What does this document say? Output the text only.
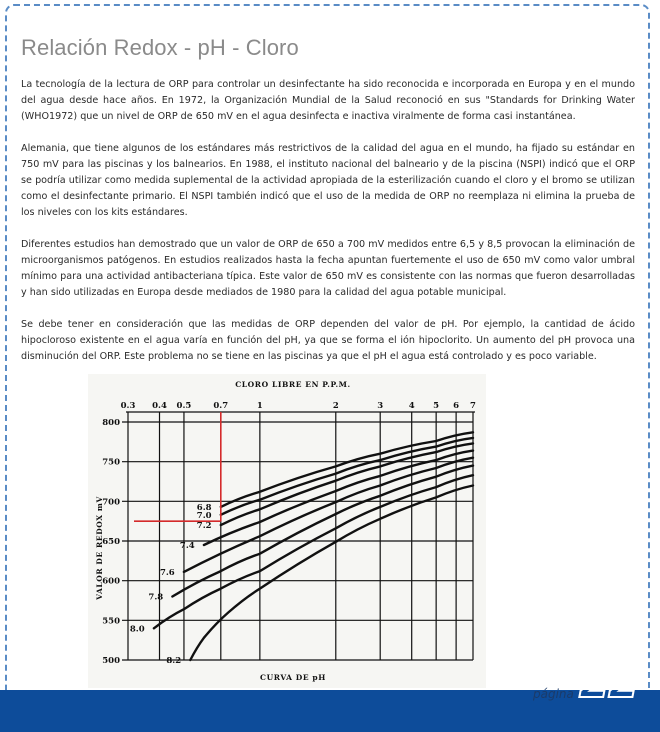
Relación Redox - pH - Cloro

La tecnología de la lectura de ORP para controlar un desinfectante ha sido reconocida e incorporada en Europa y en el mundo del agua desde hace años. En 1972, la Organización Mundial de la Salud reconoció en sus "Standards for Drinking Water (WHO1972) que un nivel de ORP de 650 mV en el agua desinfecta e inactiva viralmente de forma casi instantánea.

Alemania, que tiene algunos de los estándares más restrictivos de la calidad del agua en el mundo, ha fijado su estándar en 750 mV para las piscinas y los balnearios. En 1988, el instituto nacional del balneario y de la piscina (NSPI) indicó que el ORP se podría utilizar como medida suplemental de la actividad apropiada de la esterilización cuando el cloro y el bromo se utilizan como el desinfectante primario. El NSPI también indicó que el uso de la medida de ORP no reemplaza ni elimina la prueba de los niveles con los kits estándares.

Diferentes estudios han demostrado que un valor de ORP de 650 a 700 mV medidos entre 6,5 y 8,5 provocan la eliminación de microorganismos patógenos. En estudios realizados hasta la fecha apuntan fuertemente el uso de 650 mV como valor umbral mínimo para una actividad antibacteriana típica. Este valor de 650 mV es consistente con las normas que fueron desarrolladas y han sido utilizadas en Europa desde mediados de 1980 para la calidad del agua potable municipal.

Se debe tener en consideración que las medidas de ORP dependen del valor de pH. Por ejemplo, la cantidad de ácido hipocloroso existente en el agua varía en función del pH, ya que se forma el ión hipoclorito. Un aumento del pH provoca una disminución del ORP. Este problema no se tiene en las piscinas ya que el pH el agua está controlado y es poco variable.

0.3 0.4 0.5	0.7	1	2	3	4 5 6 7
800
750
700
650
600
550
500
6.8
7.0
7.2
7.4
7.6
7.8
8.0
8.2
CLORO LIBRE EN P.P.M.
CURVA DE pH
VALOR DE REDOX mV
página 22
